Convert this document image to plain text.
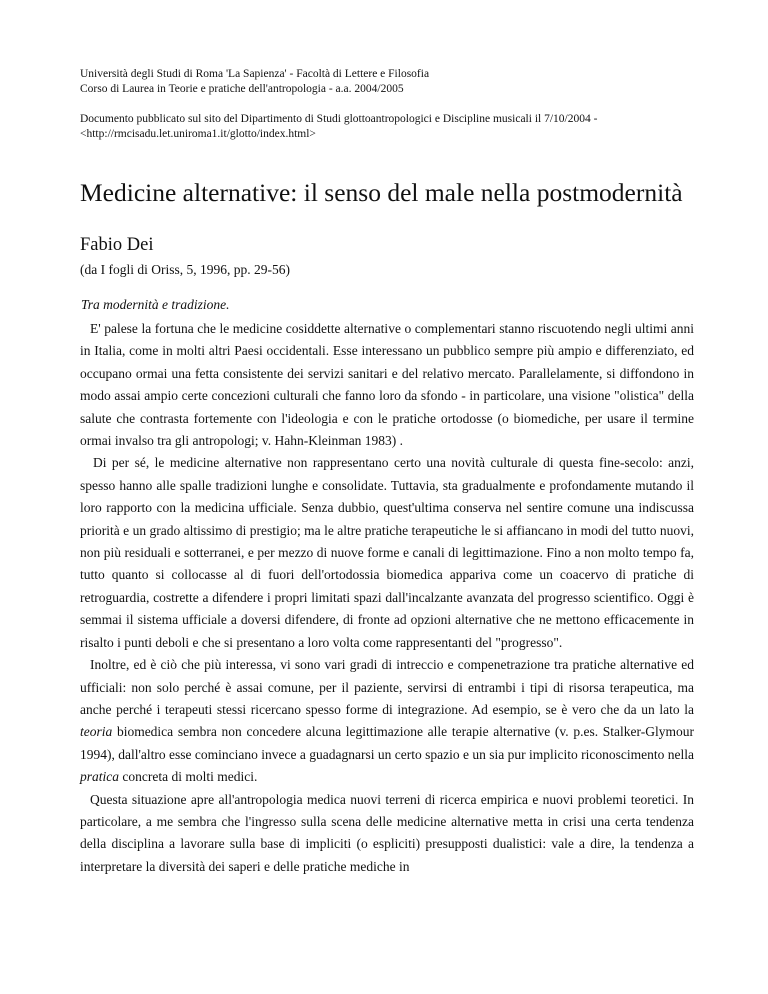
Università degli Studi di Roma 'La Sapienza' - Facoltà di Lettere e Filosofia
Corso di Laurea in Teorie e pratiche dell'antropologia - a.a. 2004/2005
Documento pubblicato sul sito del Dipartimento di Studi glottoantropologici e Discipline musicali il 7/10/2004 -
<http://rmcisadu.let.uniroma1.it/glotto/index.html>
Medicine alternative: il senso del male nella postmodernità
Fabio Dei
(da I fogli di Oriss, 5, 1996, pp. 29-56)
Tra modernità e tradizione.

E' palese la fortuna che le medicine cosiddette alternative o complementari stanno riscuotendo negli ultimi anni in Italia, come in molti altri Paesi occidentali. Esse interessano un pubblico sempre più ampio e differenziato, ed occupano ormai una fetta consistente dei servizi sanitari e del relativo mercato. Parallelamente, si diffondono in modo assai ampio certe concezioni culturali che fanno loro da sfondo - in particolare, una visione "olistica" della salute che contrasta fortemente con l'ideologia e con le pratiche ortodosse (o biomediche, per usare il termine ormai invalso tra gli antropologi; v. Hahn-Kleinman 1983) .

Di per sé, le medicine alternative non rappresentano certo una novità culturale di questa fine-secolo: anzi, spesso hanno alle spalle tradizioni lunghe e consolidate. Tuttavia, sta gradualmente e profondamente mutando il loro rapporto con la medicina ufficiale. Senza dubbio, quest'ultima conserva nel sentire comune una indiscussa priorità e un grado altissimo di prestigio; ma le altre pratiche terapeutiche le si affiancano in modi del tutto nuovi, non più residuali e sotterranei, e per mezzo di nuove forme e canali di legittimazione. Fino a non molto tempo fa, tutto quanto si collocasse al di fuori dell'ortodossia biomedica appariva come un coacervo di pratiche di retroguardia, costrette a difendere i propri limitati spazi dall'incalzante avanzata del progresso scientifico. Oggi è semmai il sistema ufficiale a doversi difendere, di fronte ad opzioni alternative che ne mettono efficacemente in risalto i punti deboli e che si presentano a loro volta come rappresentanti del "progresso".

Inoltre, ed è ciò che più interessa, vi sono vari gradi di intreccio e compenetrazione tra pratiche alternative ed ufficiali: non solo perché è assai comune, per il paziente, servirsi di entrambi i tipi di risorsa terapeutica, ma anche perché i terapeuti stessi ricercano spesso forme di integrazione. Ad esempio, se è vero che da un lato la teoria biomedica sembra non concedere alcuna legittimazione alle terapie alternative (v. p.es. Stalker-Glymour 1994), dall'altro esse cominciano invece a guadagnarsi un certo spazio e un sia pur implicito riconoscimento nella pratica concreta di molti medici.

Questa situazione apre all'antropologia medica nuovi terreni di ricerca empirica e nuovi problemi teoretici. In particolare, a me sembra che l'ingresso sulla scena delle medicine alternative metta in crisi una certa tendenza della disciplina a lavorare sulla base di impliciti (o espliciti) presupposti dualistici: vale a dire, la tendenza a interpretare la diversità dei saperi e delle pratiche mediche in
